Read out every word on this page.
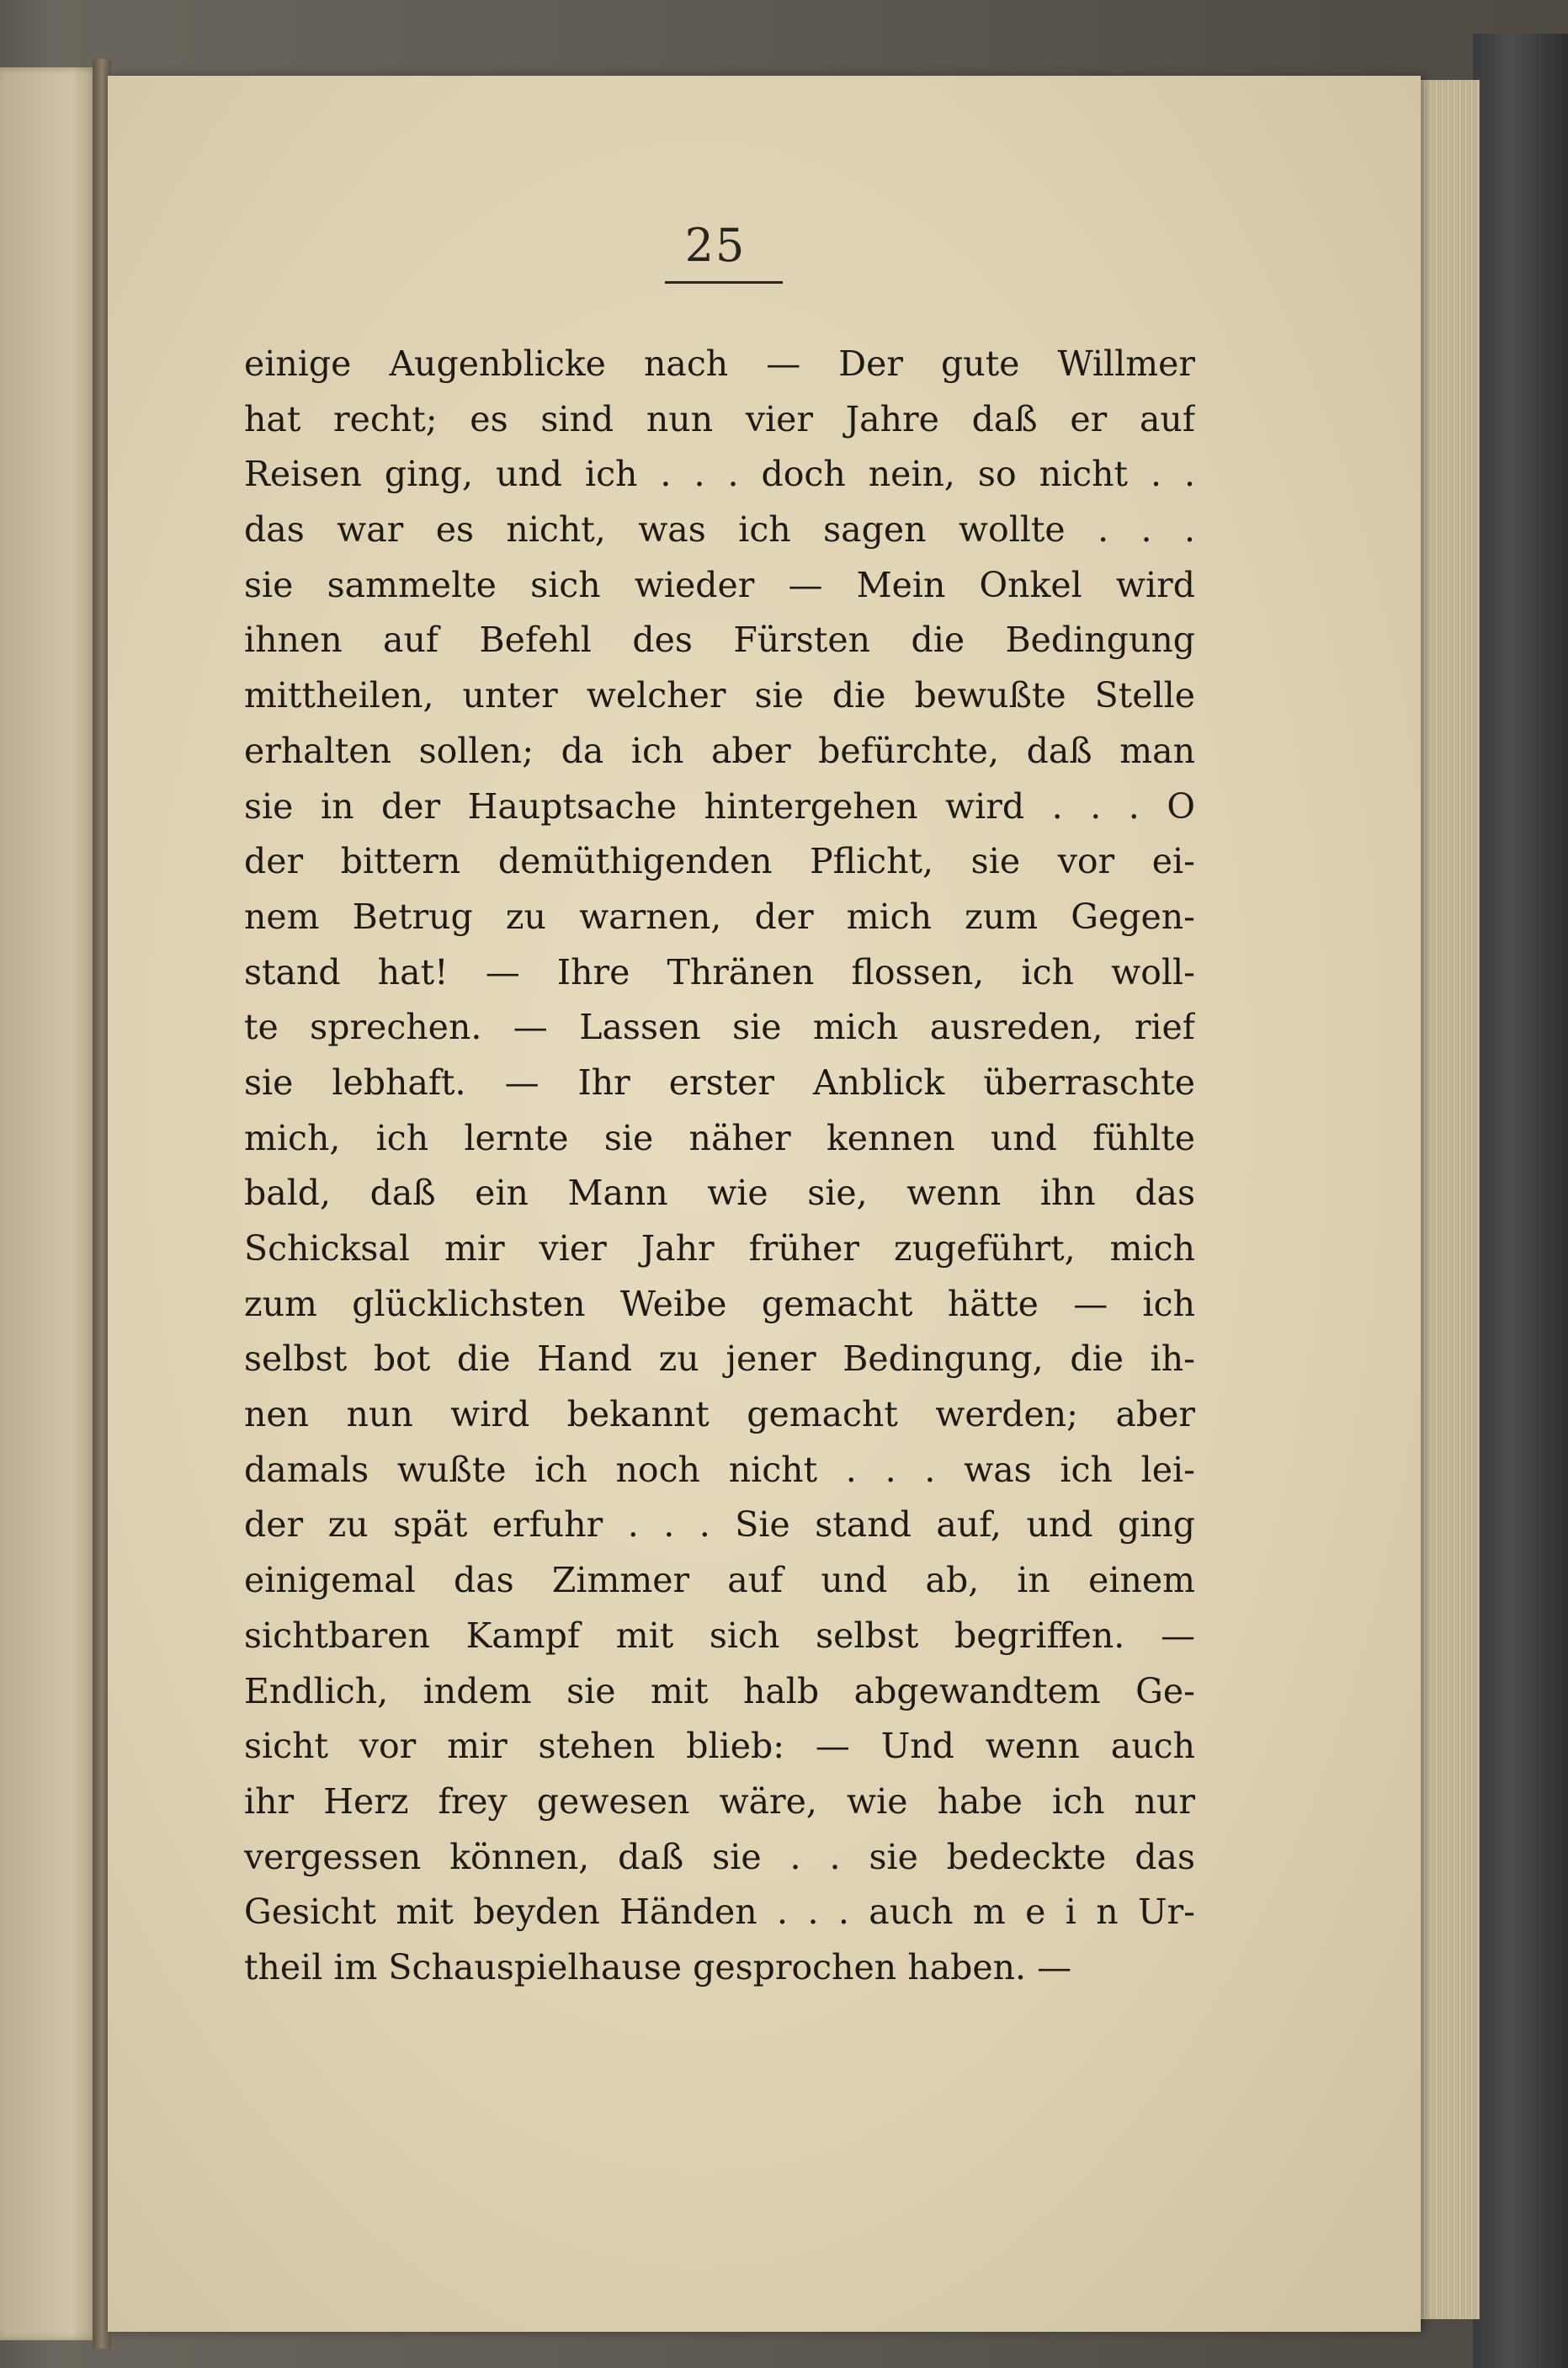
25
einige Augenblicke nach — Der gute Willmer
hat recht; es sind nun vier Jahre daß er auf
Reisen ging, und ich . . . doch nein, so nicht . .
das war es nicht, was ich sagen wollte . . .
sie sammelte sich wieder — Mein Onkel wird
ihnen auf Befehl des Fürsten die Bedingung
mittheilen, unter welcher sie die bewußte Stelle
erhalten sollen; da ich aber befürchte, daß man
sie in der Hauptsache hintergehen wird . . . O
der bittern demüthigenden Pflicht, sie vor ei-
nem Betrug zu warnen, der mich zum Gegen-
stand hat! — Ihre Thränen flossen, ich woll-
te sprechen. — Lassen sie mich ausreden, rief
sie lebhaft. — Ihr erster Anblick überraschte
mich, ich lernte sie näher kennen und fühlte
bald, daß ein Mann wie sie, wenn ihn das
Schicksal mir vier Jahr früher zugeführt, mich
zum glücklichsten Weibe gemacht hätte — ich
selbst bot die Hand zu jener Bedingung, die ih-
nen nun wird bekannt gemacht werden; aber
damals wußte ich noch nicht . . . was ich lei-
der zu spät erfuhr . . . Sie stand auf, und ging
einigemal das Zimmer auf und ab, in einem
sichtbaren Kampf mit sich selbst begriffen. —
Endlich, indem sie mit halb abgewandtem Ge-
sicht vor mir stehen blieb: — Und wenn auch
ihr Herz frey gewesen wäre, wie habe ich nur
vergessen können, daß sie . . sie bedeckte das
Gesicht mit beyden Händen . . . auch m e i n Ur-
theil im Schauspielhause gesprochen haben. —
